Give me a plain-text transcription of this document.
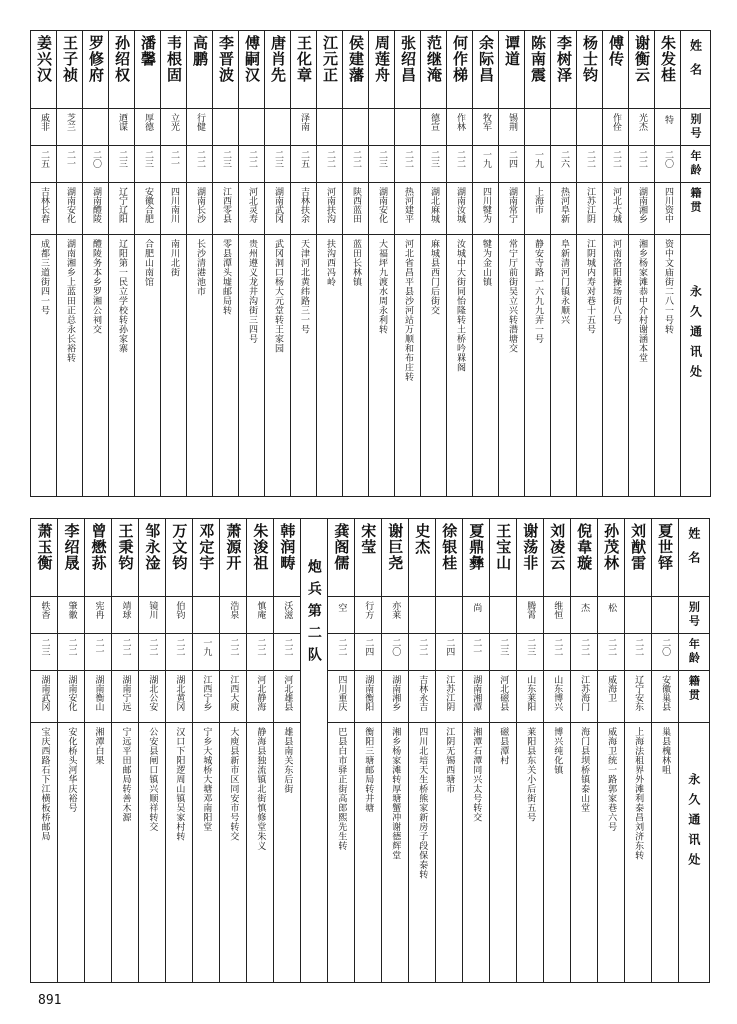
姜兴汉	王子祯	罗修府	孙绍权	潘馨	韦根固	高鹏	李晋波	傅嗣汉	唐肖先	王化章	江元正	侯建藩	周莲舟	张绍昌	范继淹	何作梯	余际昌	谭道	陈南震	李树泽	杨士钧	傅传	谢衡云	朱发桂	姓名
戚非	芝兰		迺谋	厚德	立光	行健				泽南					德宣	作林	牧军	锡荆				作佺	光杰	特	别号
二五	二一	二〇	二三	二三	二一	二二	二三	二二	二三	二五	二二	二二	二三	二二	二三	二二	一九	二四	一九	二六	二二	二二	二二	二〇	年龄
吉林长春	湖南安化	湖南醴陵	辽宁辽阳	安徽合肥	四川南川	湖南长沙	江西零县	河北灵寿	湖南武冈	吉林扶余	河南扶沟	陕西蓝田	湖南安化	热河建平	湖北麻城	湖南汝城	四川犍为	湖南常宁	上海市	热河阜新	江苏江阴	河北大城	湖南湘乡	四川资中	籍贯
成都三道街四一号	湖南湘乡上蓝田正总永长裕转	醴陵务本乡罗湘公祠交	辽阳第一民立学校转孙家寨	合肥山南馆	南川北街	长沙清港池市	零县潭头墟邮局转	贵州遵义龙井沟街三四号	武冈洞口杨大元堂转王家园	天津河北黄纬路三一号	扶沟西冯岭	蓝田长林镇	大福坪九渡水周永利转	河北省昌平县沙河站万顺和布庄转	麻城县西门后街交	汝城中大街同怡隆转土桥吟槑阁	犍为金山镇	常宁厅前街吴立兴转潜塘交	静安寺路一六九九弄一号	阜新清河门镇永顺兴	江阴城内寿对巷十五号	河南洛阳操场街八号	湘乡杨家滩恭中介村谢涵本堂	资中文庙街二八一号转	永久通讯处
萧玉衡	李绍晟	曾懋荪	王秉钧	邹永淦	万文钧	邓定宇	萧源开	朱浚祖	韩润畴	炮兵第二队	龚阁儒	宋莹	谢巨尧	史杰	徐银桂	夏鼎彝	王宝山	谢荡非	刘凌云	倪韋璇	孙茂林	刘猷雷	夏世铎	姓名
轶香	肇徽	宪冉	靖球	镜川	伯钧		浩泉	慎庵	沃滋		空	行方	亦莱			尚		腾霄	维恒	杰	松			别号
二三	二二	二一	二二	二二	二二	一九	二二	二二	二二		二二	二四	二〇	二二	二四	二一	二三	二三	二二	二二	二二	二二	二〇	年龄
湖南武冈	湖南安化	湖南衡山	湖南宁远	湖北公安	湖北黄冈	江西宁乡	江西大庾	河北静海	河北雄县		四川重庆	湖南衡阳	湖南湘乡	吉林永吉	江苏江阴	湖南湘潭	河北磁县	山东莱阳	山东博兴	江苏海门	威海卫	辽宁安东	安徽巢县	籍贯
宝庆西路石下江横板桥邮局	安化桥头河华庆裕号	湘潭白果	宁远平田邮局转善木源	公安县闸口镇兴顺祥转交	汉口下阳逻周山镇吴家村转	宁乡大城桥大塘邓南阳堂	大庾县新市区同安市号转交	静海县独流镇北街慎修堂朱义	雄县南关东后街		巴县白市驿正街高郎熙先生转	衡阳三塘邮局转井塘	湘乡杨家滩转厚塘蟹冲谢德辉堂	四川北培天生桥熊家新房子段保泰转	江阴无锡西塘市	湘潭石潭同兴太号转交	磁县潭村	莱阳县东关小后街五号	博兴纯化镇	海门县坝桥镇泰山堂	威海卫统一路郭家巷六号	上海法租界外滩利泰昌刘济东转	巢县槐林咀	永久通讯处
891
